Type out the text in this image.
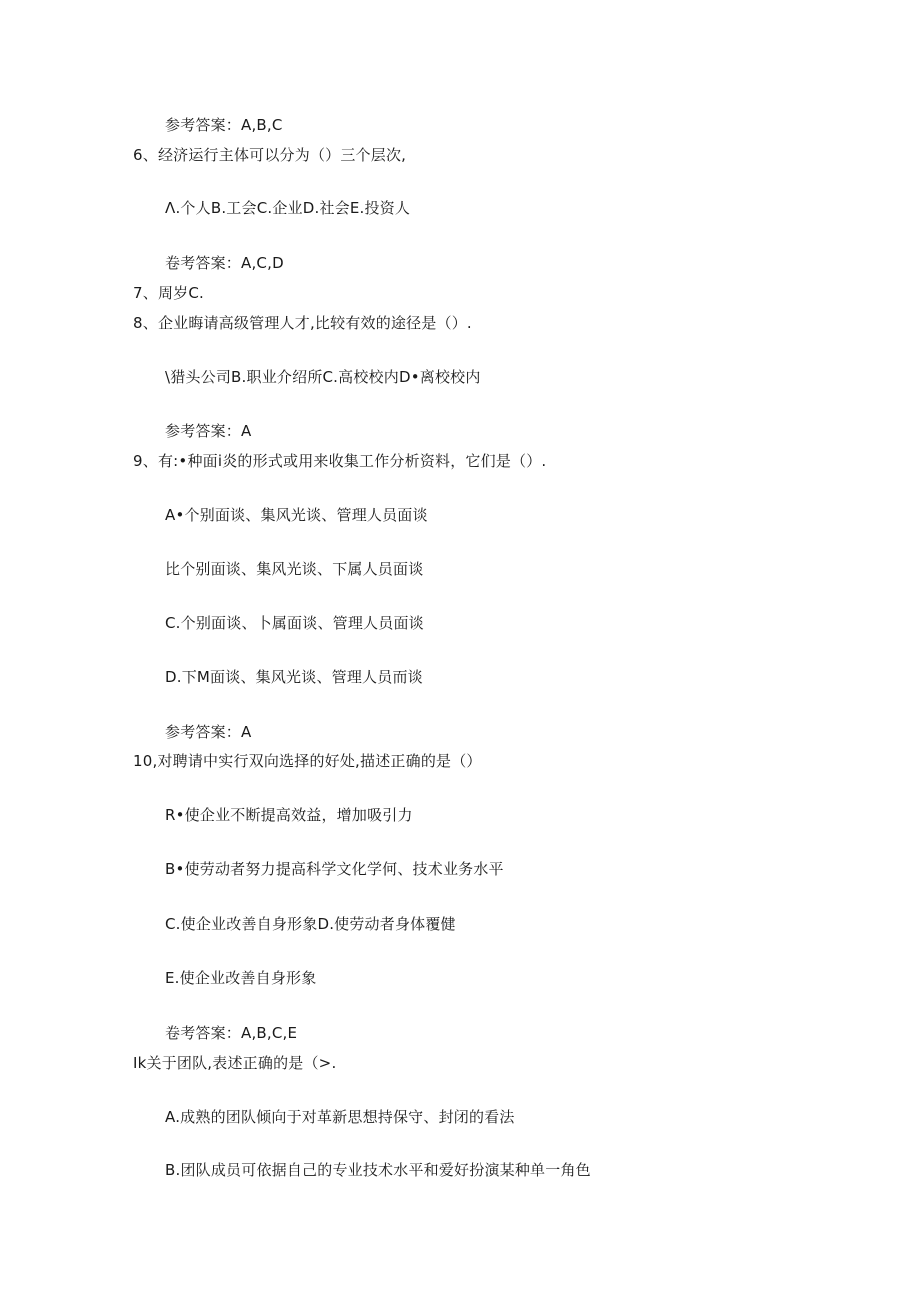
参考答案：A,B,C
6、经济运行主体可以分为（）三个层次,
Λ.个人B.工会C.企业D.社会E.投资人
卷考答案：A,C,D
7、周岁C.
8、企业晦请高级管理人才,比较有效的途径是（）.
\猎头公司B.职业介绍所C.高校校内D•离校校内
参考答案：A
9、有:•种面i炎的形式或用来收集工作分析资料，它们是（）.
A•个别面谈、集风光谈、管理人员面谈
比个别面谈、集风光谈、下属人员面谈
C.个别面谈、卜属面谈、管理人员面谈
D.下M面谈、集风光谈、管理人员而谈
参考答案：A
10,对聘请中实行双向选择的好处,描述正确的是（）
R•使企业不断提高效益，增加吸引力
B•使劳动者努力提高科学文化学何、技术业务水平
C.使企业改善自身形象D.使劳动者身体覆健
E.使企业改善自身形象
卷考答案：A,B,C,E
Ik关于团队,表述正确的是（>.
A.成熟的团队倾向于对革新思想持保守、封闭的看法
B.团队成员可依据自己的专业技术水平和爱好扮演某种单一角色
